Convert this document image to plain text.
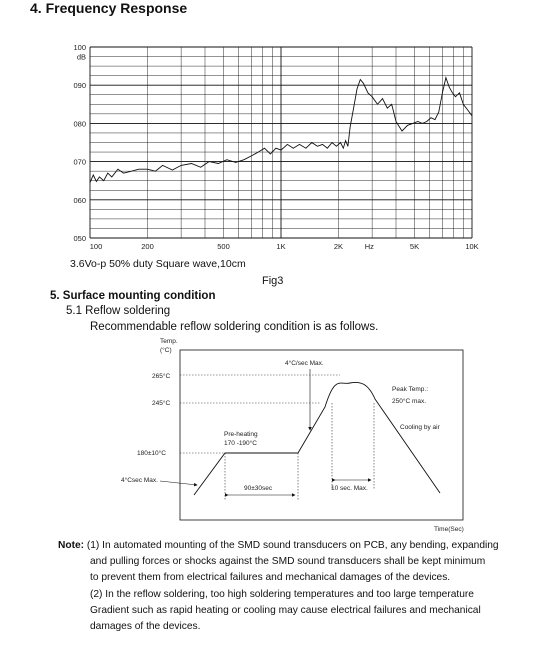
4. Frequency Response
100	200	500	1K	2K	Hz	5K	10K
100
dB
090
080
070
060
050
3.6Vo-p 50% duty Square wave,10cm
Fig3
5. Surface mounting condition
5.1 Reflow soldering
Recommendable reflow soldering condition is as follows.
Temp.
(°C)
265°C
245°C
180±10°C
90±30sec
Pre-heating
170 -190°C
10 sec. Max.
4°Csec Max.
4°C/sec Max.
Peak Temp.:
250°C max.
Cooling by air
Time(Sec)
Note: (1) In automated mounting of the SMD sound transducers on PCB, any bending, expanding
and pulling forces or shocks against the SMD sound transducers shall be kept minimum
to prevent them from electrical failures and mechanical damages of the devices.
(2) In the reflow soldering, too high soldering temperatures and too large temperature
Gradient such as rapid heating or cooling may cause electrical failures and mechanical
damages of the devices.
